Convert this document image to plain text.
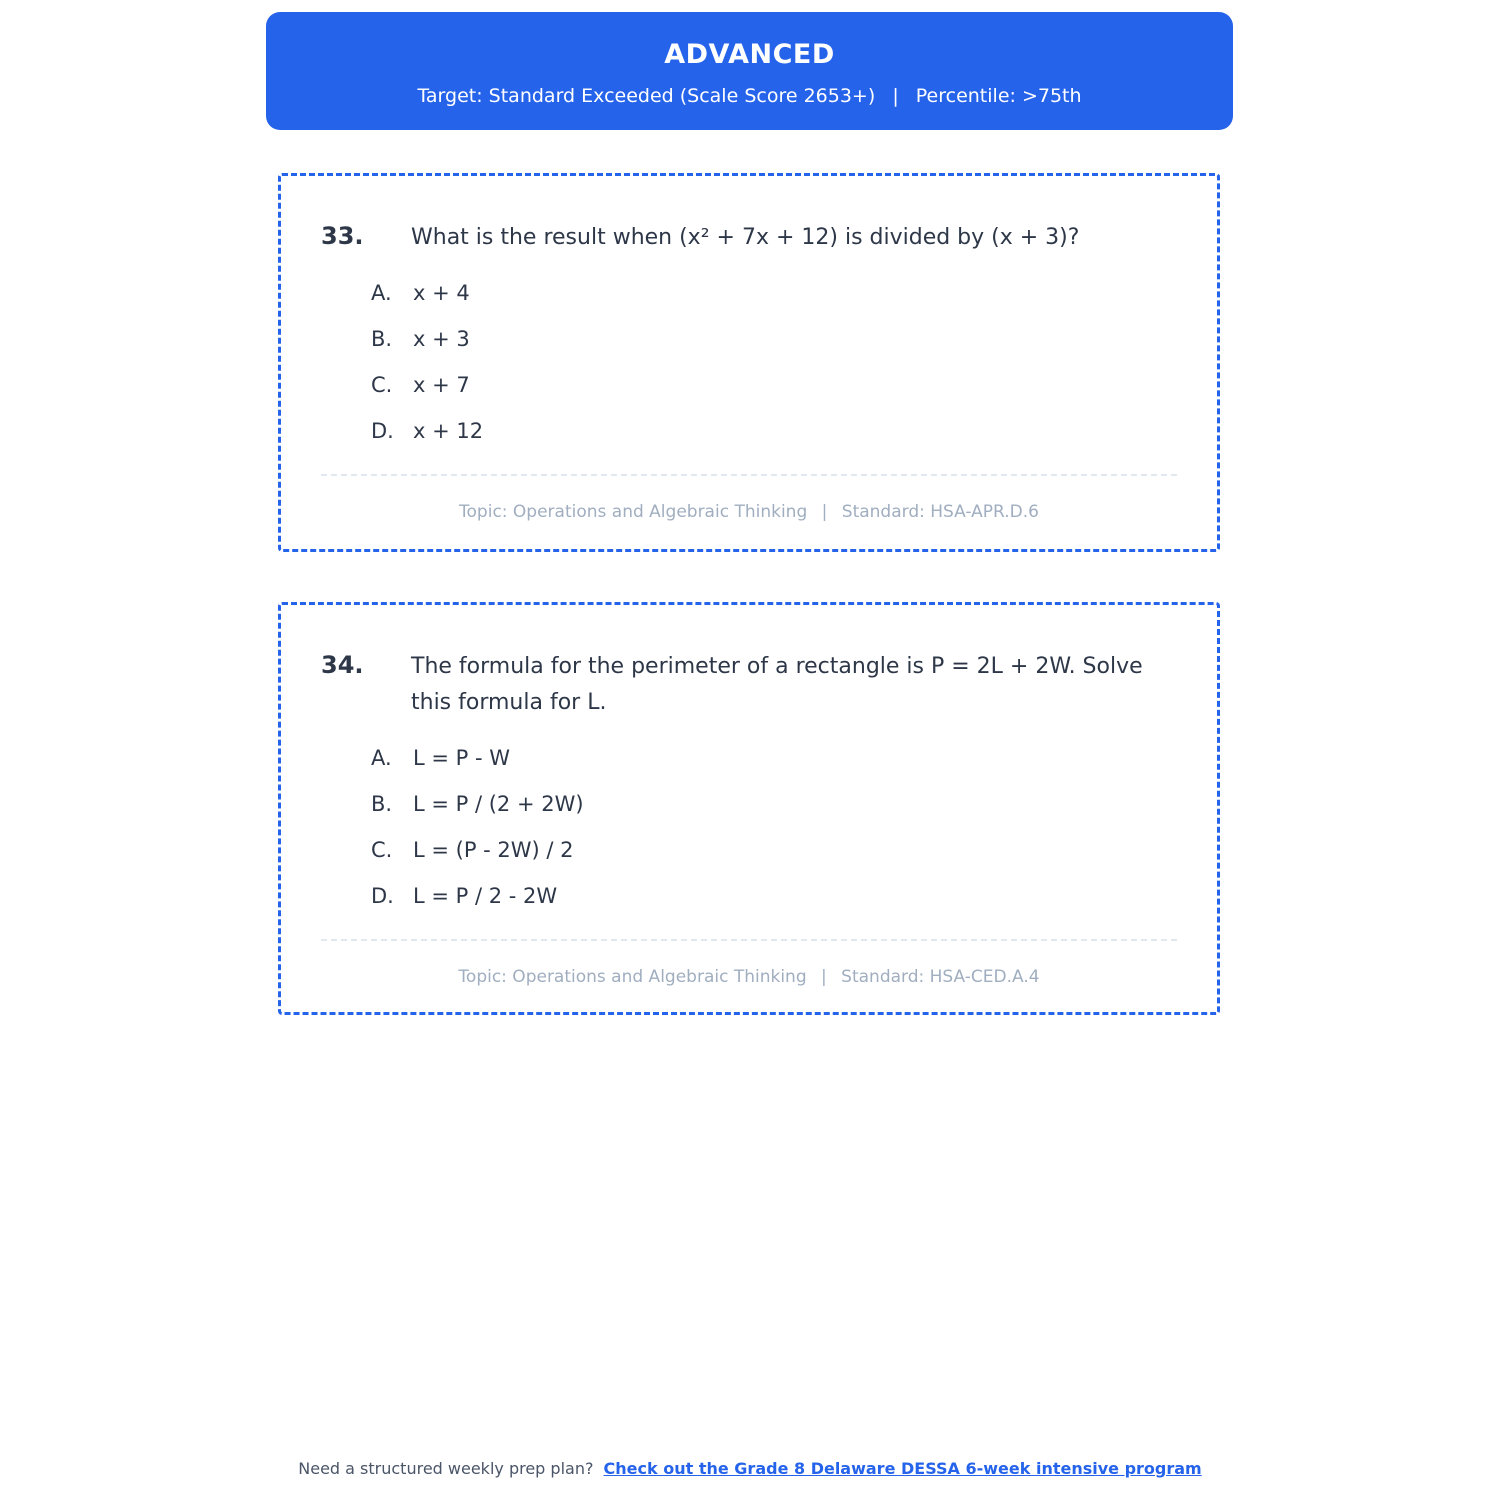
ADVANCED
Target: Standard Exceeded (Scale Score 2653+) | Percentile: >75th
33.	What is the result when (x² + 7x + 12) is divided by (x + 3)?
A.	x + 4
B. x + 3
C. x + 7
D. x + 12
Topic: Operations and Algebraic Thinking | Standard: HSA-APR.D.6
34.	The formula for the perimeter of a rectangle is P = 2L + 2W. Solve this formula for L.
A.	L = P - W
B. L = P / (2 + 2W)
C. L = (P - 2W) / 2
D. L = P / 2 - 2W
Topic: Operations and Algebraic Thinking | Standard: HSA-CED.A.4
Need a structured weekly prep plan? Check out the Grade 8 Delaware DESSA 6-week intensive program
